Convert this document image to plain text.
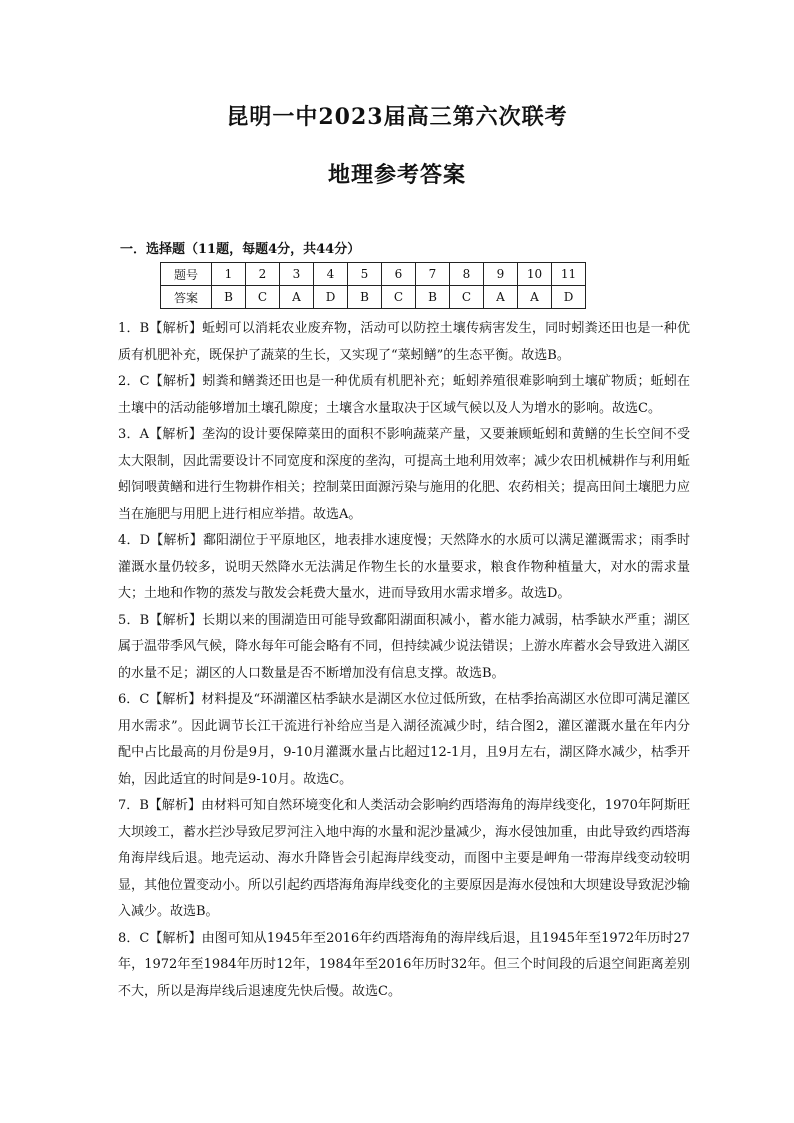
昆明一中2023届高三第六次联考
地理参考答案
一．选择题（11题，每题4分，共44分）
题号	1	2	3	4	5	6	7	8	9	10	11
答案	B	C	A	D	B	C	B	C	A	A	D

1．B【解析】蚯蚓可以消耗农业废弃物，活动可以防控土壤传病害发生，同时蚓粪还田也是一种优质有机肥补充，既保护了蔬菜的生长，又实现了“菜蚓鳝”的生态平衡。故选B。

2．C【解析】蚓粪和鳝粪还田也是一种优质有机肥补充；蚯蚓养殖很难影响到土壤矿物质；蚯蚓在土壤中的活动能够增加土壤孔隙度；土壤含水量取决于区域气候以及人为增水的影响。故选C。

3．A【解析】垄沟的设计要保障菜田的面积不影响蔬菜产量，又要兼顾蚯蚓和黄鳝的生长空间不受太大限制，因此需要设计不同宽度和深度的垄沟，可提高土地利用效率；减少农田机械耕作与利用蚯蚓饲喂黄鳝和进行生物耕作相关；控制菜田面源污染与施用的化肥、农药相关；提高田间土壤肥力应当在施肥与用肥上进行相应举措。故选A。

4．D【解析】鄱阳湖位于平原地区，地表排水速度慢；天然降水的水质可以满足灌溉需求；雨季时灌溉水量仍较多，说明天然降水无法满足作物生长的水量要求，粮食作物种植量大，对水的需求量大；土地和作物的蒸发与散发会耗费大量水，进而导致用水需求增多。故选D。

5．B【解析】长期以来的围湖造田可能导致鄱阳湖面积减小，蓄水能力减弱，枯季缺水严重；湖区属于温带季风气候，降水每年可能会略有不同，但持续减少说法错误；上游水库蓄水会导致进入湖区的水量不足；湖区的人口数量是否不断增加没有信息支撑。故选B。

6．C【解析】材料提及“环湖灌区枯季缺水是湖区水位过低所致，在枯季抬高湖区水位即可满足灌区用水需求”。因此调节长江干流进行补给应当是入湖径流减少时，结合图2，灌区灌溉水量在年内分配中占比最高的月份是9月，9-10月灌溉水量占比超过12-1月，且9月左右，湖区降水减少，枯季开始，因此适宜的时间是9-10月。故选C。

7．B【解析】由材料可知自然环境变化和人类活动会影响约西塔海角的海岸线变化，1970年阿斯旺大坝竣工，蓄水拦沙导致尼罗河注入地中海的水量和泥沙量减少，海水侵蚀加重，由此导致约西塔海角海岸线后退。地壳运动、海水升降皆会引起海岸线变动，而图中主要是岬角一带海岸线变动较明显，其他位置变动小。所以引起约西塔海角海岸线变化的主要原因是海水侵蚀和大坝建设导致泥沙输入减少。故选B。

8．C【解析】由图可知从1945年至2016年约西塔海角的海岸线后退，且1945年至1972年历时27年，1972年至1984年历时12年，1984年至2016年历时32年。但三个时间段的后退空间距离差别不大，所以是海岸线后退速度先快后慢。故选C。
